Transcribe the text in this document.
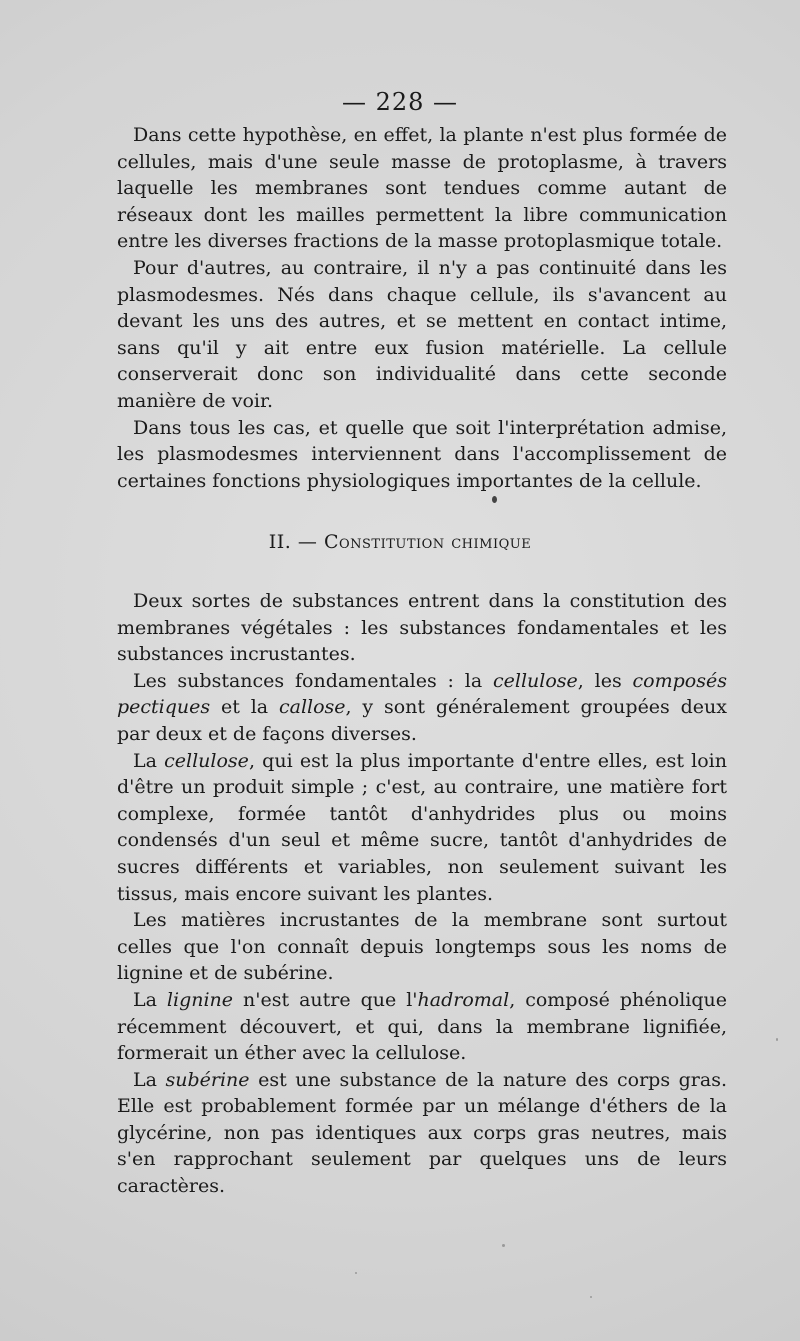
— 228 —

Dans cette hypothèse, en effet, la plante n'est plus formée de cellules, mais d'une seule masse de protoplasme, à travers laquelle les membranes sont tendues comme autant de réseaux dont les mailles permettent la libre communication entre les diverses fractions de la masse protoplasmique totale.

Pour d'autres, au contraire, il n'y a pas continuité dans les plasmodesmes. Nés dans chaque cellule, ils s'avancent au devant les uns des autres, et se mettent en contact intime, sans qu'il y ait entre eux fusion matérielle. La cellule conserverait donc son individualité dans cette seconde manière de voir.

Dans tous les cas, et quelle que soit l'interprétation admise, les plasmodesmes interviennent dans l'accomplissement de certaines fonctions physiologiques importantes de la cellule.

II. — Constitution chimique

Deux sortes de substances entrent dans la constitution des membranes végétales : les substances fondamentales et les substances incrustantes.

Les substances fondamentales : la cellulose, les composés pectiques et la callose, y sont généralement groupées deux par deux et de façons diverses.

La cellulose, qui est la plus importante d'entre elles, est loin d'être un produit simple ; c'est, au contraire, une matière fort complexe, formée tantôt d'anhydrides plus ou moins condensés d'un seul et même sucre, tantôt d'anhydrides de sucres différents et variables, non seulement suivant les tissus, mais encore suivant les plantes.

Les matières incrustantes de la membrane sont surtout celles que l'on connaît depuis longtemps sous les noms de lignine et de subérine.

La lignine n'est autre que l'hadromal, composé phénolique récemment découvert, et qui, dans la membrane lignifiée, formerait un éther avec la cellulose.

La subérine est une substance de la nature des corps gras. Elle est probablement formée par un mélange d'éthers de la glycérine, non pas identiques aux corps gras neutres, mais s'en rapprochant seulement par quelques uns de leurs caractères.
